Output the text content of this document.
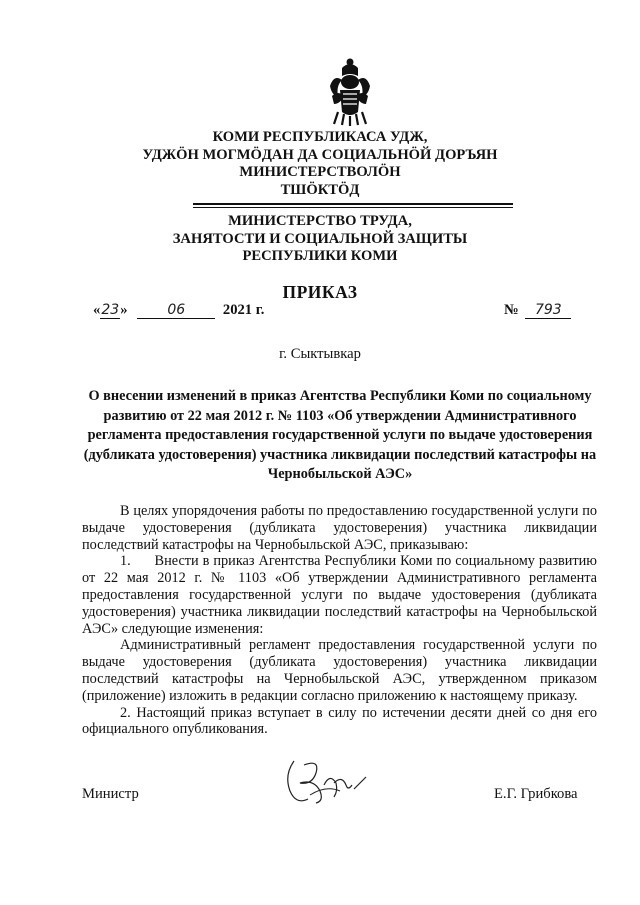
КОМИ РЕСПУБЛИКАСА УДЖ,
УДЖӦН МОГМӦДАН ДА СОЦИАЛЬНӦЙ ДОРЪЯН
МИНИСТЕРСТВОЛӦН
ТШӦКТӦД
МИНИСТЕРСТВО ТРУДА,
ЗАНЯТОСТИ И СОЦИАЛЬНОЙ ЗАЩИТЫ
РЕСПУБЛИКИ КОМИ
ПРИКАЗ
«23»	06	2021 г.	№ 793
г. Сыктывкар
О внесении изменений в приказ Агентства Республики Коми по социальному развитию от 22 мая 2012 г. № 1103 «Об утверждении Административного регламента предоставления государственной услуги по выдаче удостоверения (дубликата удостоверения) участника ликвидации последствий катастрофы на Чернобыльской АЭС»

В целях упорядочения работы по предоставлению государственной услуги по выдаче удостоверения (дубликата удостоверения) участника ликвидации последствий катастрофы на Чернобыльской АЭС, приказываю:

1.      Внести в приказ Агентства Республики Коми по социальному развитию от 22 мая 2012 г. № 1103 «Об утверждении Административного регламента предоставления государственной услуги по выдаче удостоверения (дубликата удостоверения) участника ликвидации последствий катастрофы на Чернобыльской АЭС» следующие изменения:

Административный регламент предоставления государственной услуги по выдаче удостоверения (дубликата удостоверения) участника ликвидации последствий катастрофы на Чернобыльской АЭС, утвержденном приказом (приложение) изложить в редакции согласно приложению к настоящему приказу.

2. Настоящий приказ вступает в силу по истечении десяти дней со дня его официального опубликования.

Министр	Е.Г. Грибкова
